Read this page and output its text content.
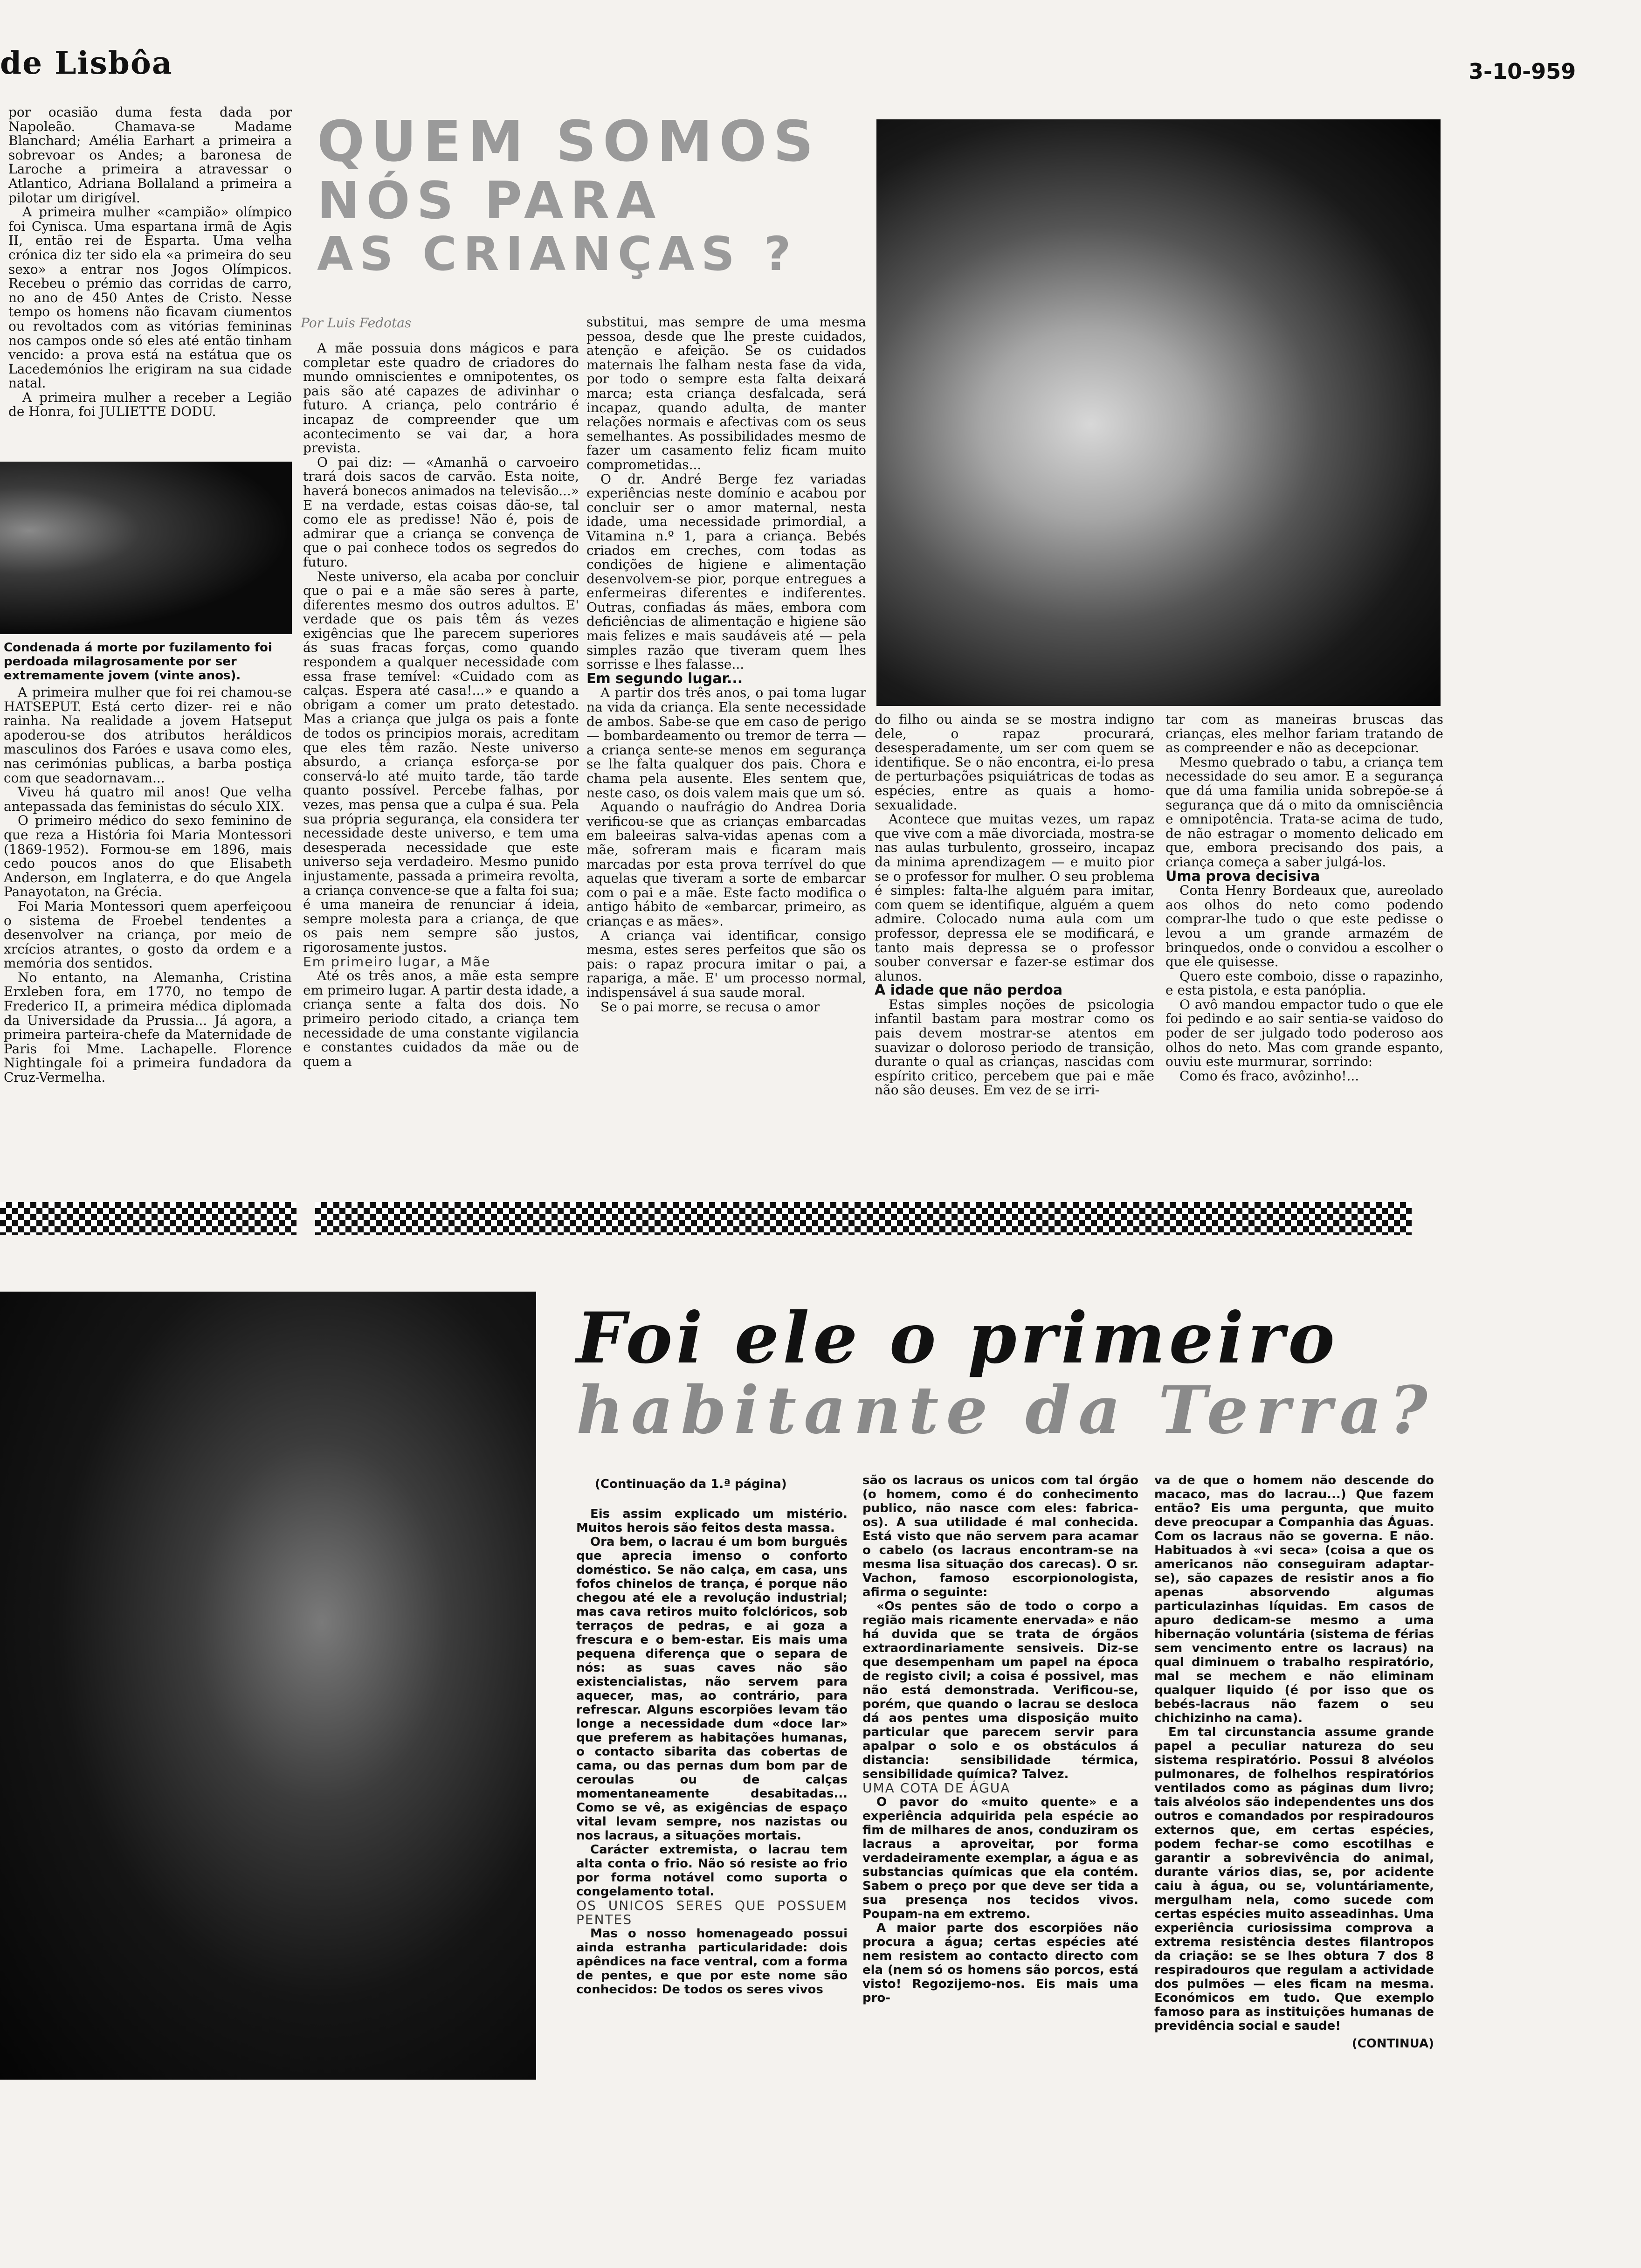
de Lisbôa	3-10-959

por ocasião duma festa dada por Napoleão. Chamava-se Madame Blanchard; Amélia Earhart a primeira a sobrevoar os Andes; a baronesa de Laroche a primeira a atravessar o Atlantico, Adriana Bollaland a primeira a pilotar um dirigível.

A primeira mulher «campião» olímpico foi Cynisca. Uma espartana irmã de Agis II, então rei de Esparta. Uma velha crónica diz ter sido ela «a primeira do seu sexo» a entrar nos Jogos Olímpicos. Recebeu o prémio das corridas de carro, no ano de 450 Antes de Cristo. Nesse tempo os homens não ficavam ciumentos ou revoltados com as vitórias femininas nos campos onde só eles até então tinham vencido: a prova está na estátua que os Lacedemónios lhe erigiram na sua cidade natal.

A primeira mulher a receber a Legião de Honra, foi JULIETTE DODU.

Condenada á morte por fuzilamento foi perdoada milagrosamente por ser extremamente jovem (vinte anos).

A primeira mulher que foi rei chamou-se HATSEPUT. Está certo dizer- rei e não rainha. Na realidade a jovem Hatseput apoderou-se dos atributos heráldicos masculinos dos Faróes e usava como eles, nas cerimónias publicas, a barba postiça com que seadornavam...

Viveu há quatro mil anos! Que velha antepassada das feministas do século XIX.

O primeiro médico do sexo feminino de que reza a História foi Maria Montessori (1869-1952). Formou-se em 1896, mais cedo poucos anos do que Elisabeth Anderson, em Inglaterra, e do que Angela Panayotaton, na Grécia.

Foi Maria Montessori quem aperfeiçoou o sistema de Froebel tendentes a desenvolver na criança, por meio de xrcícios atrantes, o gosto da ordem e a memória dos sentidos.

No entanto, na Alemanha, Cristina Erxleben fora, em 1770, no tempo de Frederico II, a primeira médica diplomada da Universidade da Prussia... Já agora, a primeira parteira-chefe da Maternidade de Paris foi Mme. Lachapelle. Florence Nightingale foi a primeira fundadora da Cruz-Vermelha.

QUEM SOMOS
NÓS PARA
AS CRIANÇAS ?
Por Luis Fedotas

A mãe possuia dons mágicos e para completar este quadro de criadores do mundo omniscientes e omnipotentes, os pais são até capazes de adivinhar o futuro. A criança, pelo contrário é incapaz de compreender que um acontecimento se vai dar, a hora prevista.

O pai diz: — «Amanhã o carvoeiro trará dois sacos de carvão. Esta noite, haverá bonecos animados na televisão...» E na verdade, estas coisas dão-se, tal como ele as predisse! Não é, pois de admirar que a criança se convença de que o pai conhece todos os segredos do futuro.

Neste universo, ela acaba por concluir que o pai e a mãe são seres à parte, diferentes mesmo dos outros adultos. E' verdade que os pais têm ás vezes exigências que lhe parecem superiores ás suas fracas forças, como quando respondem a qualquer necessidade com essa frase temível: «Cuidado com as calças. Espera até casa!...» e quando a obrigam a comer um prato detestado. Mas a criança que julga os pais a fonte de todos os principios morais, acreditam que eles têm razão. Neste universo absurdo, a criança esforça-se por conservá-lo até muito tarde, tão tarde quanto possível. Percebe falhas, por vezes, mas pensa que a culpa é sua. Pela sua própria segurança, ela considera ter necessidade deste universo, e tem uma desesperada necessidade que este universo seja verdadeiro. Mesmo punido injustamente, passada a primeira revolta, a criança convence-se que a falta foi sua; é uma maneira de renunciar á ideia, sempre molesta para a criança, de que os pais nem sempre são justos, rigorosamente justos.

Em primeiro lugar, a Mãe

Até os três anos, a mãe esta sempre em primeiro lugar. A partir desta idade, a criança sente a falta dos dois. No primeiro periodo citado, a criança tem necessidade de uma constante vigilancia e constantes cuidados da mãe ou de quem a

substitui, mas sempre de uma mesma pessoa, desde que lhe preste cuidados, atenção e afeição. Se os cuidados maternais lhe falham nesta fase da vida, por todo o sempre esta falta deixará marca; esta criança desfalcada, será incapaz, quando adulta, de manter relações normais e afectivas com os seus semelhantes. As possibilidades mesmo de fazer um casamento feliz ficam muito comprometidas...

O dr. André Berge fez variadas experiências neste domínio e acabou por concluir ser o amor maternal, nesta idade, uma necessidade primordial, a Vitamina n.º 1, para a criança. Bebés criados em creches, com todas as condições de higiene e alimentação desenvolvem-se pior, porque entregues a enfermeiras diferentes e indiferentes. Outras, confiadas ás mães, embora com deficiências de alimentação e higiene são mais felizes e mais saudáveis até — pela simples razão que tiveram quem lhes sorrisse e lhes falasse...

Em segundo lugar...

A partir dos três anos, o pai toma lugar na vida da criança. Ela sente necessidade de ambos. Sabe-se que em caso de perigo — bombardeamento ou tremor de terra — a criança sente-se menos em segurança se lhe falta qualquer dos pais. Chora e chama pela ausente. Eles sentem que, neste caso, os dois valem mais que um só.

Aquando o naufrágio do Andrea Doria verificou-se que as crianças embarcadas em baleeiras salva-vidas apenas com a mãe, sofreram mais e ficaram mais marcadas por esta prova terrível do que aquelas que tiveram a sorte de embarcar com o pai e a mãe. Este facto modifica o antigo hábito de «embarcar, primeiro, as crianças e as mães».

A criança vai identificar, consigo mesma, estes seres perfeitos que são os pais: o rapaz procura imitar o pai, a rapariga, a mãe. E' um processo normal, indispensável á sua saude moral.

Se o pai morre, se recusa o amor

do filho ou ainda se se mostra indigno dele, o rapaz procurará, desesperadamente, um ser com quem se identifique. Se o não encontra, ei-lo presa de perturbações psiquiátricas de todas as espécies, entre as quais a homo-sexualidade.

Acontece que muitas vezes, um rapaz que vive com a mãe divorciada, mostra-se nas aulas turbulento, grosseiro, incapaz da minima aprendizagem — e muito pior se o professor for mulher. O seu problema é simples: falta-lhe alguém para imitar, com quem se identifique, alguém a quem admire. Colocado numa aula com um professor, depressa ele se modificará, e tanto mais depressa se o professor souber conversar e fazer-se estimar dos alunos.

A idade que não perdoa

Estas simples noções de psicologia infantil bastam para mostrar como os pais devem mostrar-se atentos em suavizar o doloroso periodo de transição, durante o qual as crianças, nascidas com espírito critico, percebem que pai e mãe não são deuses. Em vez de se irri-

tar com as maneiras bruscas das crianças, eles melhor fariam tratando de as compreender e não as decepcionar.

Mesmo quebrado o tabu, a criança tem necessidade do seu amor. E a segurança que dá uma familia unida sobrepõe-se á segurança que dá o mito da omnisciência e omnipotência. Trata-se acima de tudo, de não estragar o momento delicado em que, embora precisando dos pais, a criança começa a saber julgá-los.

Uma prova decisiva

Conta Henry Bordeaux que, aureolado aos olhos do neto como podendo comprar-lhe tudo o que este pedisse o levou a um grande armazém de brinquedos, onde o convidou a escolher o que ele quisesse.

Quero este comboio, disse o rapazinho, e esta pistola, e esta panóplia.

O avô mandou empactor tudo o que ele foi pedindo e ao sair sentia-se vaidoso do poder de ser julgado todo poderoso aos olhos do neto. Mas com grande espanto, ouviu este murmurar, sorrindo:

Como és fraco, avôzinho!...

Foi ele o primeiro
habitante da Terra?
(Continuação da 1.ª página)

Eis assim explicado um mistério. Muitos herois são feitos desta massa.

Ora bem, o lacrau é um bom burguês que aprecia imenso o conforto doméstico. Se não calça, em casa, uns fofos chinelos de trança, é porque não chegou até ele a revolução industrial; mas cava retiros muito folclóricos, sob terraços de pedras, e ai goza a frescura e o bem-estar. Eis mais uma pequena diferença que o separa de nós: as suas caves não são existencialistas, não servem para aquecer, mas, ao contrário, para refrescar. Alguns escorpiões levam tão longe a necessidade dum «doce lar» que preferem as habitações humanas, o contacto sibarita das cobertas de cama, ou das pernas dum bom par de ceroulas ou de calças momentaneamente desabitadas... Como se vê, as exigências de espaço vital levam sempre, nos nazistas ou nos lacraus, a situações mortais.

Carácter extremista, o lacrau tem alta conta o frio. Não só resiste ao frio por forma notável como suporta o congelamento total.

OS UNICOS SERES QUE POSSUEM PENTES

Mas o nosso homenageado possui ainda estranha particularidade: dois apêndices na face ventral, com a forma de pentes, e que por este nome são conhecidos: De todos os seres vivos

são os lacraus os unicos com tal órgão (o homem, como é do conhecimento publico, não nasce com eles: fabrica-os). A sua utilidade é mal conhecida. Está visto que não servem para acamar o cabelo (os lacraus encontram-se na mesma lisa situação dos carecas). O sr. Vachon, famoso escorpionologista, afirma o seguinte:

«Os pentes são de todo o corpo a região mais ricamente enervada» e não há duvida que se trata de órgãos extraordinariamente sensiveis. Diz-se que desempenham um papel na época de registo civil; a coisa é possivel, mas não está demonstrada. Verificou-se, porém, que quando o lacrau se desloca dá aos pentes uma disposição muito particular que parecem servir para apalpar o solo e os obstáculos á distancia: sensibilidade térmica, sensibilidade química? Talvez.

UMA COTA DE ÁGUA

O pavor do «muito quente» e a experiência adquirida pela espécie ao fim de milhares de anos, conduziram os lacraus a aproveitar, por forma verdadeiramente exemplar, a água e as substancias químicas que ela contém. Sabem o preço por que deve ser tida a sua presença nos tecidos vivos. Poupam-na em extremo.

A maior parte dos escorpiões não procura a água; certas espécies até nem resistem ao contacto directo com ela (nem só os homens são porcos, está visto! Regozijemo-nos. Eis mais uma pro-

va de que o homem não descende do macaco, mas do lacrau...) Que fazem então? Eis uma pergunta, que muito deve preocupar a Companhia das Águas. Com os lacraus não se governa. E não. Habituados à «vi seca» (coisa a que os americanos não conseguiram adaptar-se), são capazes de resistir anos a fio apenas absorvendo algumas particulazinhas líquidas. Em casos de apuro dedicam-se mesmo a uma hibernação voluntária (sistema de férias sem vencimento entre os lacraus) na qual diminuem o trabalho respiratório, mal se mechem e não eliminam qualquer liquido (é por isso que os bebés-lacraus não fazem o seu chichizinho na cama).

Em tal circunstancia assume grande papel a peculiar natureza do seu sistema respiratório. Possui 8 alvéolos pulmonares, de folhelhos respiratórios ventilados como as páginas dum livro; tais alvéolos são independentes uns dos outros e comandados por respiradouros externos que, em certas espécies, podem fechar-se como escotilhas e garantir a sobrevivência do animal, durante vários dias, se, por acidente caiu à água, ou se, voluntáriamente, mergulham nela, como sucede com certas espécies muito asseadinhas. Uma experiência curiosissima comprova a extrema resistência destes filantropos da criação: se se lhes obtura 7 dos 8 respiradouros que regulam a actividade dos pulmões — eles ficam na mesma. Económicos em tudo. Que exemplo famoso para as instituições humanas de previdência social e saude!

(CONTINUA)
